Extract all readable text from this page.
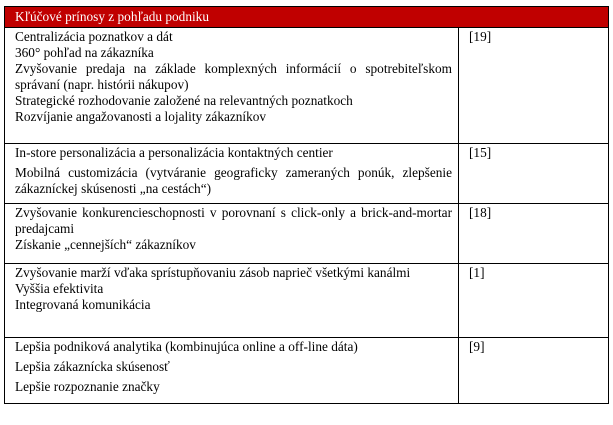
Kľúčové prínosy z pohľadu podniku	

Centralizácia poznatkov a dát
360° pohľad na zákazníka
Zvyšovanie predaja na základe komplexných informácií o spotrebiteľskom správaní (napr. histórii nákupov)
Strategické rozhodovanie založené na relevantných poznatkoch
Rozvíjanie angažovanosti a lojality zákazníkov	[19]

In-store personalizácia a personalizácia kontaktných centier
Mobilná customizácia (vytváranie geograficky zameraných ponúk, zlepšenie zákazníckej skúsenosti „na cestách“)	[15]

Zvyšovanie konkurencieschopnosti v porovnaní s click-only a brick-and-mortar predajcami
Získanie „cennejších“ zákazníkov	[18]

Zvyšovanie marží vďaka sprístupňovaniu zásob naprieč všetkými kanálmi
Vyššia efektivita
Integrovaná komunikácia	[1]

Lepšia podniková analytika (kombinujúca online a off-line dáta)
Lepšia zákaznícka skúsenosť
Lepšie rozpoznanie značky	[9]
